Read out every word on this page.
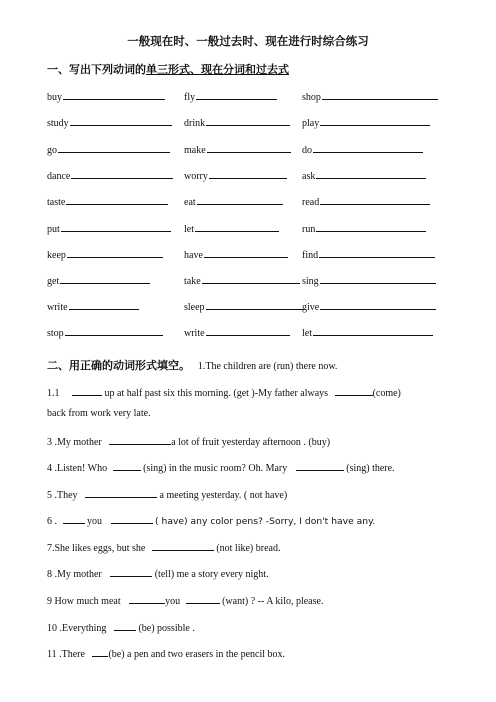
一般现在时、一般过去时、现在进行时综合练习
一、写出下列动词的单三形式、现在分词和过去式
buy	fly	shop
study	drink	play
go	make	do
dance	worry	ask
taste	eat	read
put	let	run
keep	have	find
get	take	sing
write	sleep	give
stop	write	let
二、用正确的动词形式填空。 1.The children are (run) there now.
1.1	up at half past six this morning. (get )-My father always	(come)
back from work very late.
3 .My mother	a lot of fruit yesterday afternoon . (buy)
4 .Listen! Who	(sing) in the music room? Oh. Mary	(sing) there.
5 .They	a meeting yesterday. ( not have)
6 .	you	( have) any color pens? -Sorry, I don't have any.
7.She likes eggs, but she	(not like) bread.
8 .My mother	(tell) me a story every night.
9 How much meat	you	(want) ? -- A kilo, please.
10 .Everything	(be) possible .
11 .There (be) a pen and two erasers in the pencil box.
